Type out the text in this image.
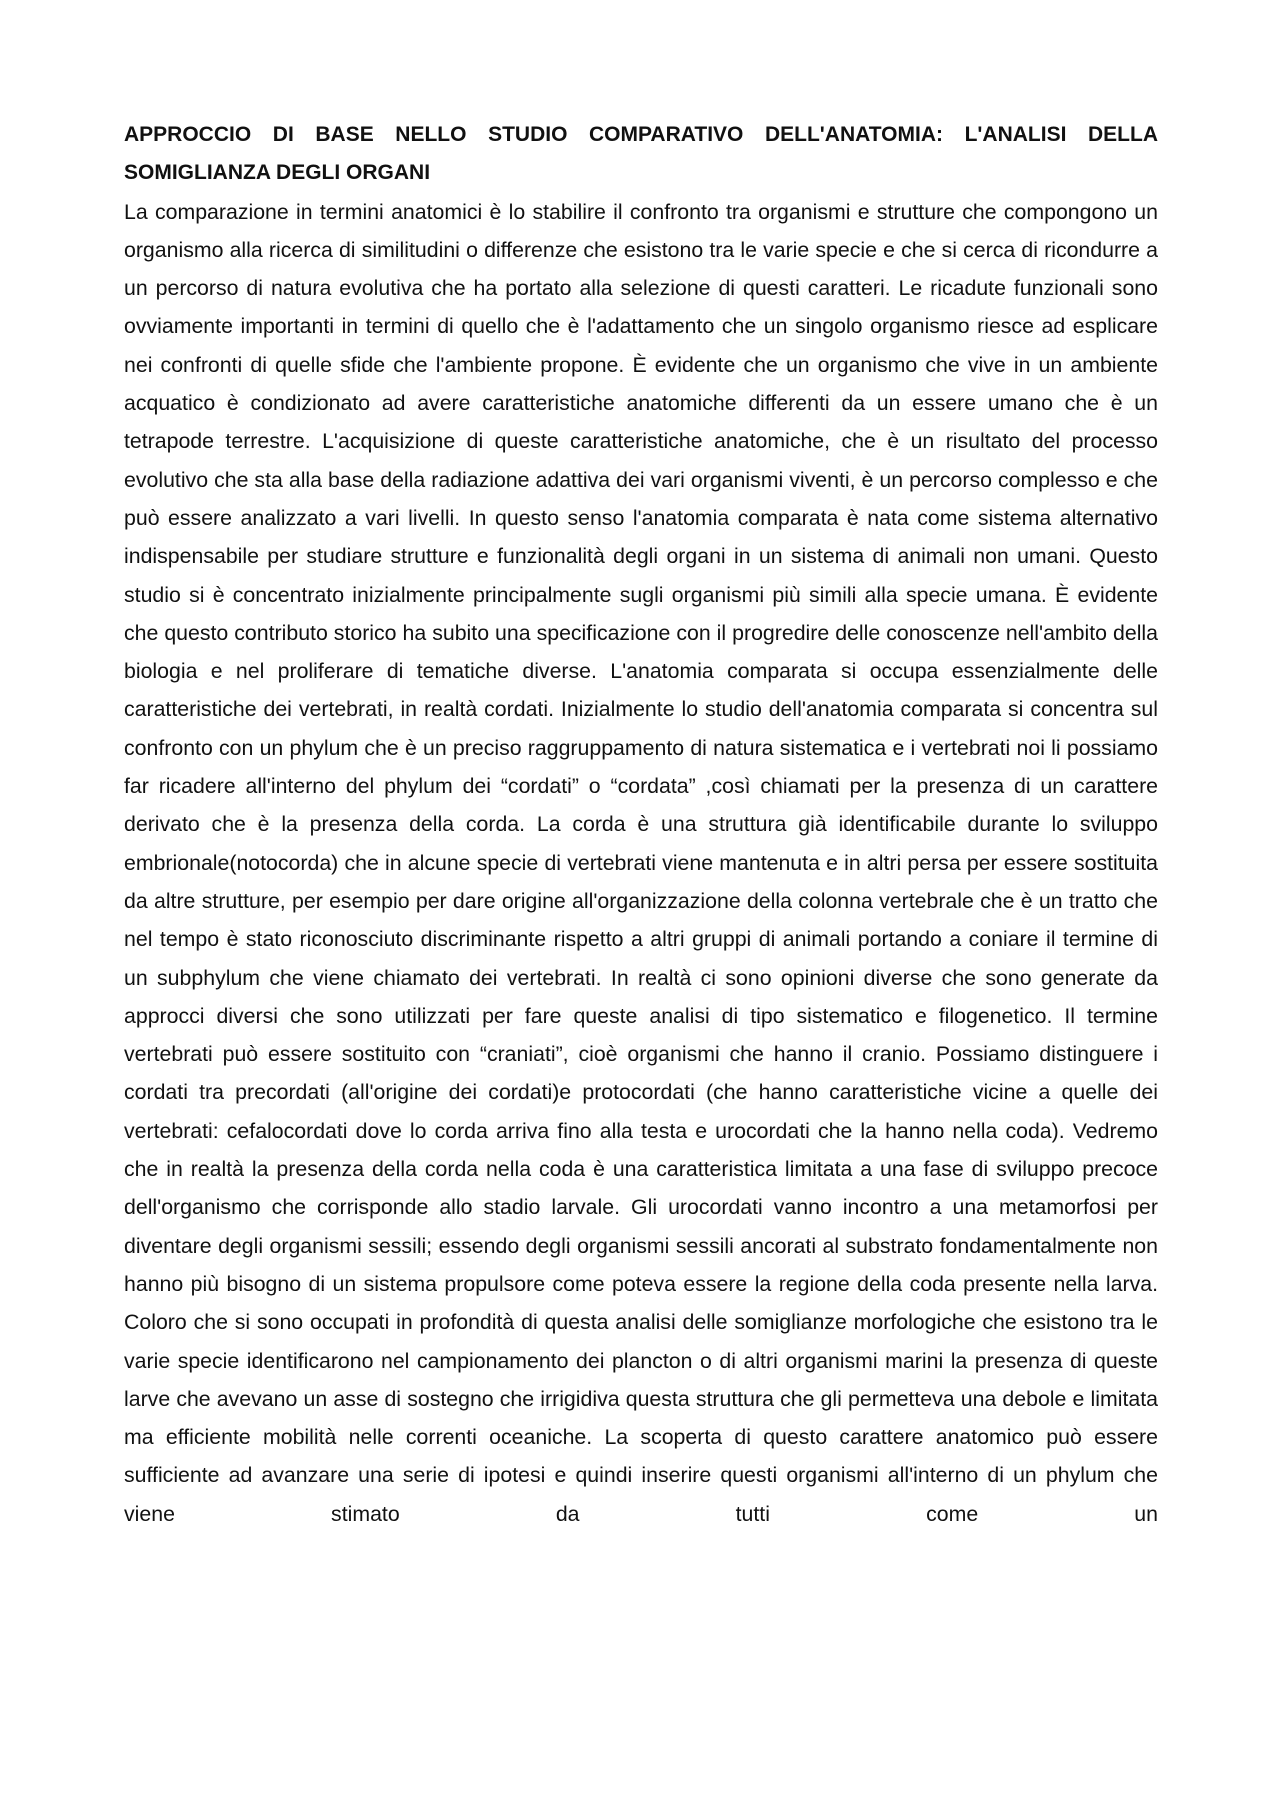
APPROCCIO DI BASE NELLO STUDIO COMPARATIVO DELL'ANATOMIA: L'ANALISI DELLA SOMIGLIANZA DEGLI ORGANI

La comparazione in termini anatomici è lo stabilire il confronto tra organismi e strutture che compongono un organismo alla ricerca di similitudini o differenze che esistono tra le varie specie e che si cerca di ricondurre a un percorso di natura evolutiva che ha portato alla selezione di questi caratteri. Le ricadute funzionali sono ovviamente importanti in termini di quello che è l'adattamento che un singolo organismo riesce ad esplicare nei confronti di quelle sfide che l'ambiente propone. È evidente che un organismo che vive in un ambiente acquatico è condizionato ad avere caratteristiche anatomiche differenti da un essere umano che è un tetrapode terrestre. L'acquisizione di queste caratteristiche anatomiche, che è un risultato del processo evolutivo che sta alla base della radiazione adattiva dei vari organismi viventi, è un percorso complesso e che può essere analizzato a vari livelli. In questo senso l'anatomia comparata è nata come sistema alternativo indispensabile per studiare strutture e funzionalità degli organi in un sistema di animali non umani. Questo studio si è concentrato inizialmente principalmente sugli organismi più simili alla specie umana. È evidente che questo contributo storico ha subito una specificazione con il progredire delle conoscenze nell'ambito della biologia e nel proliferare di tematiche diverse. L'anatomia comparata si occupa essenzialmente delle caratteristiche dei vertebrati, in realtà cordati. Inizialmente lo studio dell'anatomia comparata si concentra sul confronto con un phylum che è un preciso raggruppamento di natura sistematica e i vertebrati noi li possiamo far ricadere all'interno del phylum dei “cordati” o “cordata” ,così chiamati per la presenza di un carattere derivato che è la presenza della corda. La corda è una struttura già identificabile durante lo sviluppo embrionale(notocorda) che in alcune specie di vertebrati viene mantenuta e in altri persa per essere sostituita da altre strutture, per esempio per dare origine all'organizzazione della colonna vertebrale che è un tratto che nel tempo è stato riconosciuto discriminante rispetto a altri gruppi di animali portando a coniare il termine di un subphylum che viene chiamato dei vertebrati. In realtà ci sono opinioni diverse che sono generate da approcci diversi che sono utilizzati per fare queste analisi di tipo sistematico e filogenetico. Il termine vertebrati può essere sostituito con “craniati”, cioè organismi che hanno il cranio. Possiamo distinguere i cordati tra precordati (all'origine dei cordati)e protocordati (che hanno caratteristiche vicine a quelle dei vertebrati: cefalocordati dove lo corda arriva fino alla testa e urocordati che la hanno nella coda). Vedremo che in realtà la presenza della corda nella coda è una caratteristica limitata a una fase di sviluppo precoce dell'organismo che corrisponde allo stadio larvale. Gli urocordati vanno incontro a una metamorfosi per diventare degli organismi sessili; essendo degli organismi sessili ancorati al substrato fondamentalmente non hanno più bisogno di un sistema propulsore come poteva essere la regione della coda presente nella larva. Coloro che si sono occupati in profondità di questa analisi delle somiglianze morfologiche che esistono tra le varie specie identificarono nel campionamento dei plancton o di altri organismi marini la presenza di queste larve che avevano un asse di sostegno che irrigidiva questa struttura che gli permetteva una debole e limitata ma efficiente mobilità nelle correnti oceaniche. La scoperta di questo carattere anatomico può essere sufficiente ad avanzare una serie di ipotesi e quindi inserire questi organismi all'interno di un phylum che viene stimato da tutti come un
